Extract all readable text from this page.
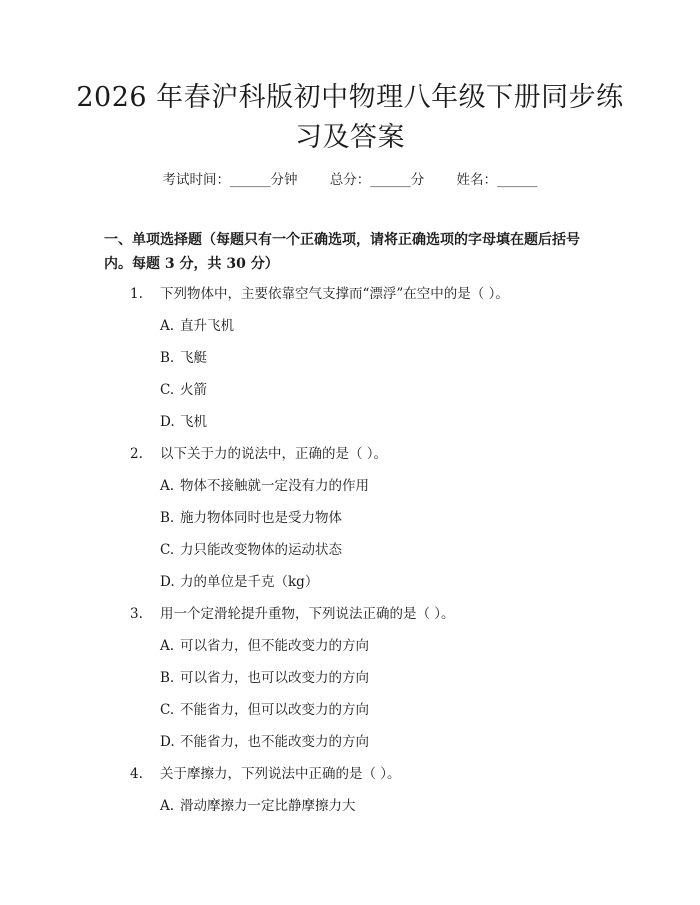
2026 年春沪科版初中物理八年级下册同步练
习及答案
考试时间：______分钟 总分：______分 姓名：______
一、单项选择题（每题只有一个正确选项，请将正确选项的字母填在题后括号内。每题 3 分，共 30 分）
1. 下列物体中，主要依靠空气支撑而“漂浮”在空中的是（ ）。
A. 直升飞机
B. 飞艇
C. 火箭
D. 飞机
2. 以下关于力的说法中，正确的是（ ）。
A. 物体不接触就一定没有力的作用
B. 施力物体同时也是受力物体
C. 力只能改变物体的运动状态
D. 力的单位是千克（kg）
3. 用一个定滑轮提升重物，下列说法正确的是（ ）。
A. 可以省力，但不能改变力的方向
B. 可以省力，也可以改变力的方向
C. 不能省力，但可以改变力的方向
D. 不能省力，也不能改变力的方向
4. 关于摩擦力，下列说法中正确的是（ ）。
A. 滑动摩擦力一定比静摩擦力大
